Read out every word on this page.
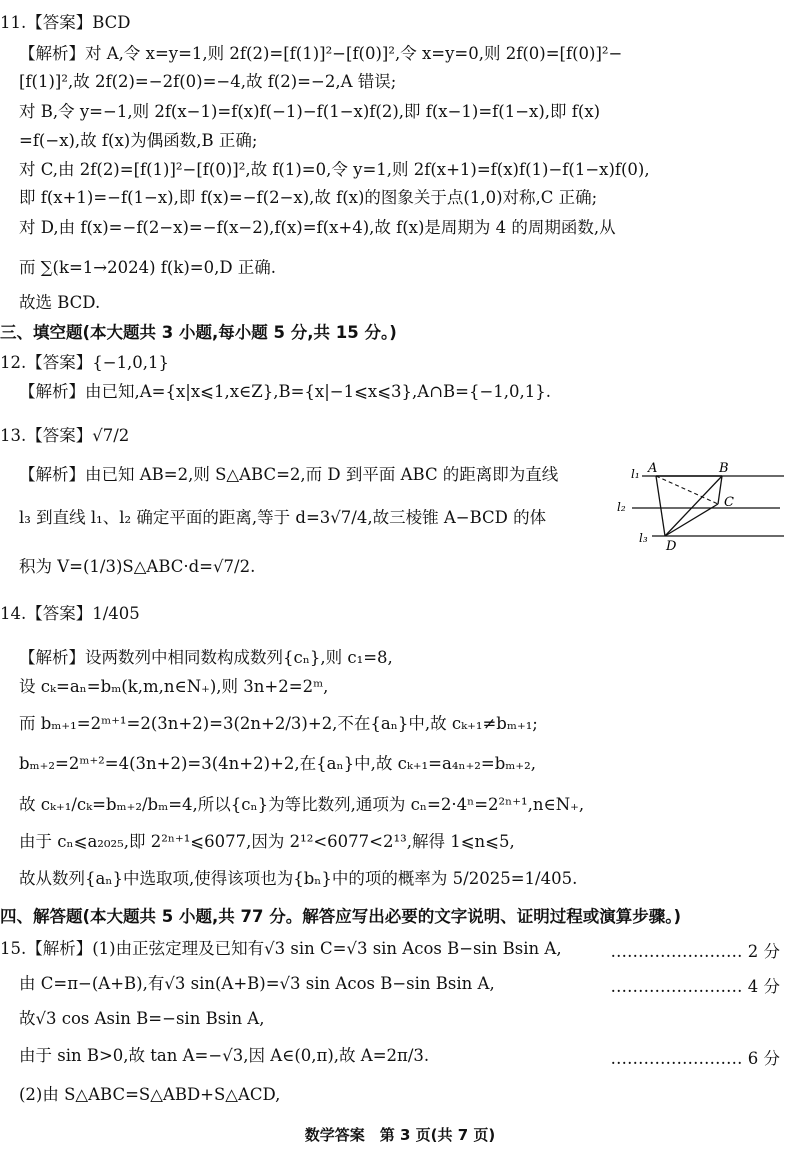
11.【答案】BCD
【解析】对 A,令 x=y=1,则 2f(2)=[f(1)]²−[f(0)]²,令 x=y=0,则 2f(0)=[f(0)]²−
[f(1)]²,故 2f(2)=−2f(0)=−4,故 f(2)=−2,A 错误;
对 B,令 y=−1,则 2f(x−1)=f(x)f(−1)−f(1−x)f(2),即 f(x−1)=f(1−x),即 f(x)
=f(−x),故 f(x)为偶函数,B 正确;
对 C,由 2f(2)=[f(1)]²−[f(0)]²,故 f(1)=0,令 y=1,则 2f(x+1)=f(x)f(1)−f(1−x)f(0),
即 f(x+1)=−f(1−x),即 f(x)=−f(2−x),故 f(x)的图象关于点(1,0)对称,C 正确;
对 D,由 f(x)=−f(2−x)=−f(x−2),f(x)=f(x+4),故 f(x)是周期为 4 的周期函数,从
而 ∑(k=1→2024) f(k)=0,D 正确.
故选 BCD.
三、填空题(本大题共 3 小题,每小题 5 分,共 15 分。)
12.【答案】{−1,0,1}
【解析】由已知,A={x|x⩽1,x∈Z},B={x|−1⩽x⩽3},A∩B={−1,0,1}.
13.【答案】√7/2
【解析】由已知 AB=2,则 S△ABC=2,而 D 到平面 ABC 的距离即为直线
l₃ 到直线 l₁、l₂ 确定平面的距离,等于 d=3√7/4,故三棱锥 A−BCD 的体
积为 V=(1/3)S△ABC·d=√7/2.
l₁
l₂
l₃
A	B
C
D
14.【答案】1/405
【解析】设两数列中相同数构成数列{cₙ},则 c₁=8,
设 cₖ=aₙ=bₘ(k,m,n∈N₊),则 3n+2=2ᵐ,
而 bₘ₊₁=2ᵐ⁺¹=2(3n+2)=3(2n+2/3)+2,不在{aₙ}中,故 cₖ₊₁≠bₘ₊₁;
bₘ₊₂=2ᵐ⁺²=4(3n+2)=3(4n+2)+2,在{aₙ}中,故 cₖ₊₁=a₄ₙ₊₂=bₘ₊₂,
故 cₖ₊₁/cₖ=bₘ₊₂/bₘ=4,所以{cₙ}为等比数列,通项为 cₙ=2·4ⁿ=2²ⁿ⁺¹,n∈N₊,
由于 cₙ⩽a₂₀₂₅,即 2²ⁿ⁺¹⩽6077,因为 2¹²<6077<2¹³,解得 1⩽n⩽5,
故从数列{aₙ}中选取项,使得该项也为{bₙ}中的项的概率为 5/2025=1/405.
四、解答题(本大题共 5 小题,共 77 分。解答应写出必要的文字说明、证明过程或演算步骤。)
15.【解析】(1)由正弦定理及已知有√3 sin C=√3 sin Acos B−sin Bsin A,	…………………… 2 分
由 C=π−(A+B),有√3 sin(A+B)=√3 sin Acos B−sin Bsin A,	…………………… 4 分
故√3 cos Asin B=−sin Bsin A,
由于 sin B>0,故 tan A=−√3,因 A∈(0,π),故 A=2π/3.	…………………… 6 分
(2)由 S△ABC=S△ABD+S△ACD,
数学答案　第 3 页(共 7 页)
